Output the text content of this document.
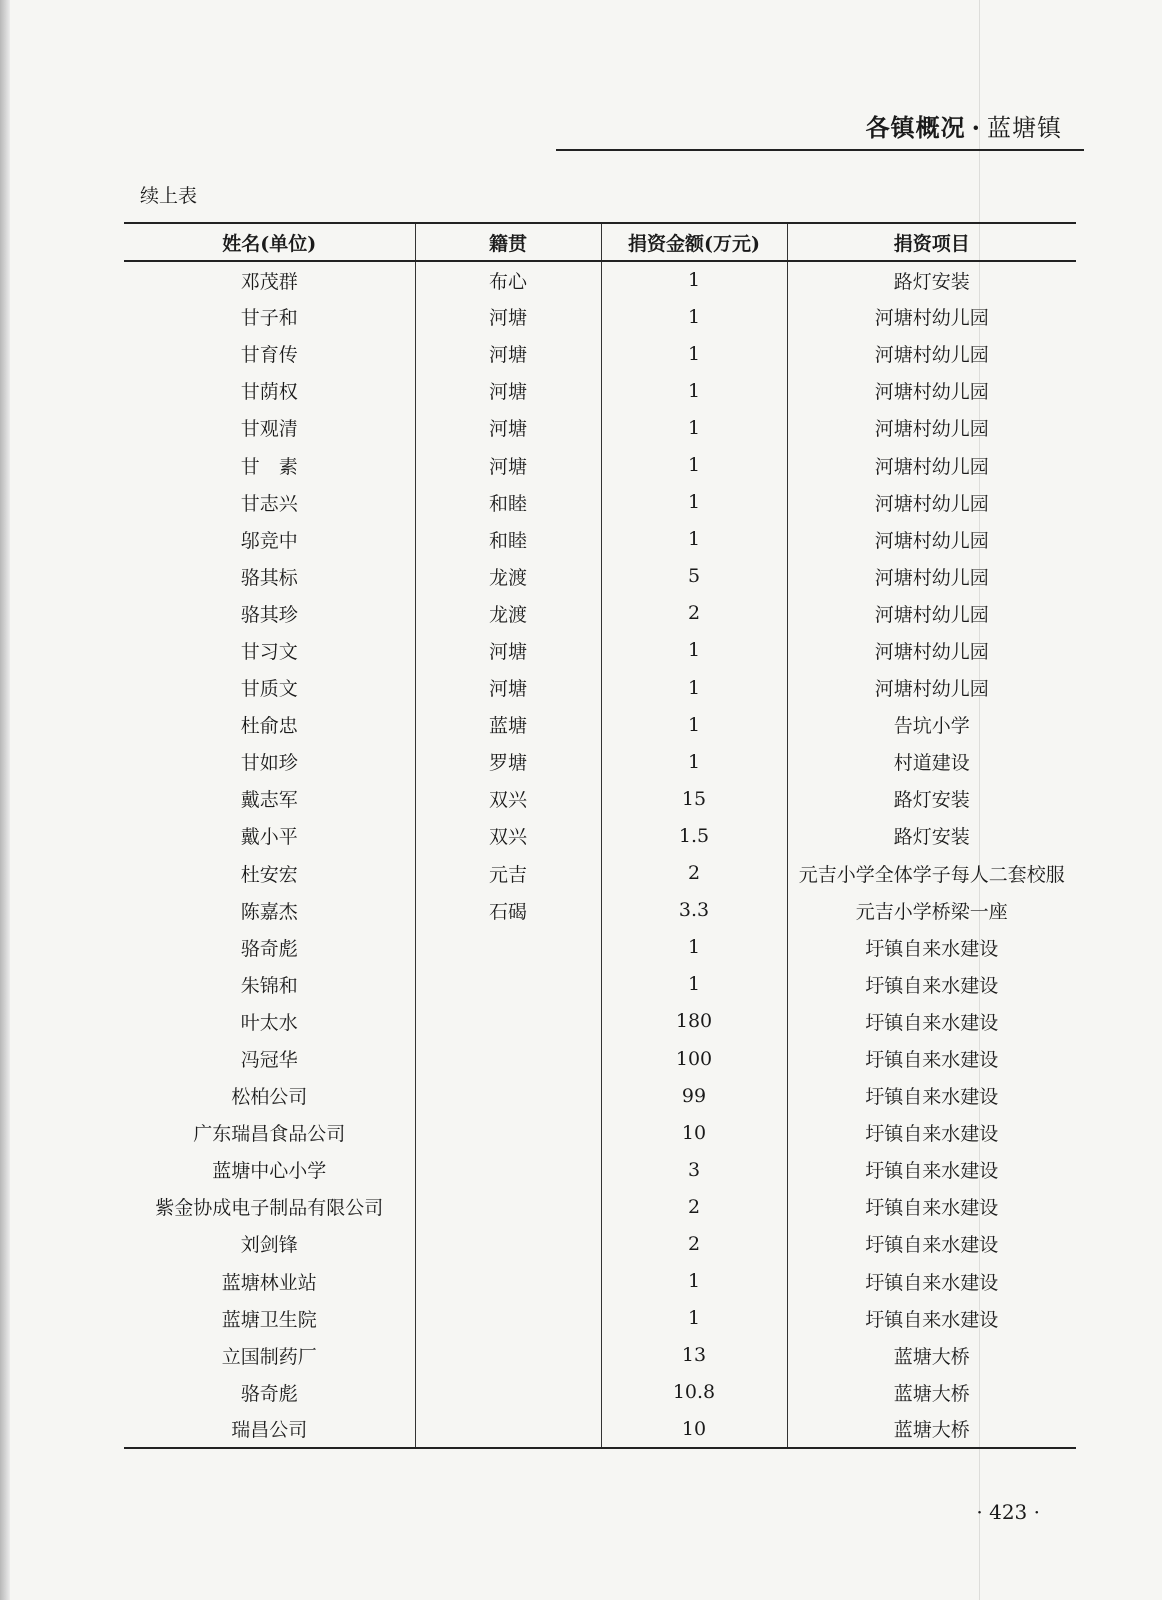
各镇概况 · 蓝塘镇
续上表
姓名(单位)	籍贯	捐资金额(万元)	捐资项目
邓茂群	布心	1	路灯安装
甘子和	河塘	1	河塘村幼儿园
甘育传	河塘	1	河塘村幼儿园
甘荫权	河塘	1	河塘村幼儿园
甘观清	河塘	1	河塘村幼儿园
甘　素	河塘	1	河塘村幼儿园
甘志兴	和睦	1	河塘村幼儿园
邬竞中	和睦	1	河塘村幼儿园
骆其标	龙渡	5	河塘村幼儿园
骆其珍	龙渡	2	河塘村幼儿园
甘习文	河塘	1	河塘村幼儿园
甘质文	河塘	1	河塘村幼儿园
杜俞忠	蓝塘	1	告坑小学
甘如珍	罗塘	1	村道建设
戴志军	双兴	15	路灯安装
戴小平	双兴	1.5	路灯安装
杜安宏	元吉	2	元吉小学全体学子每人二套校服
陈嘉杰	石碣	3.3	元吉小学桥梁一座
骆奇彪		1	圩镇自来水建设
朱锦和		1	圩镇自来水建设
叶太水		180	圩镇自来水建设
冯冠华		100	圩镇自来水建设
松柏公司		99	圩镇自来水建设
广东瑞昌食品公司		10	圩镇自来水建设
蓝塘中心小学		3	圩镇自来水建设
紫金协成电子制品有限公司		2	圩镇自来水建设
刘剑锋		2	圩镇自来水建设
蓝塘林业站		1	圩镇自来水建设
蓝塘卫生院		1	圩镇自来水建设
立国制药厂		13	蓝塘大桥
骆奇彪		10.8	蓝塘大桥
瑞昌公司		10	蓝塘大桥
· 423 ·
